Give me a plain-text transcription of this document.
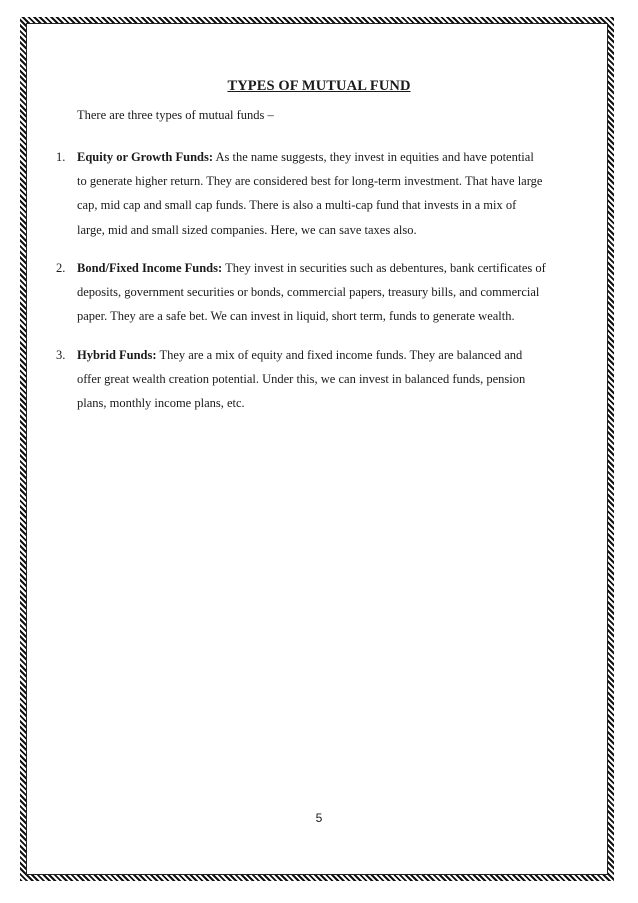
TYPES OF MUTUAL FUND
There are three types of mutual funds –
1. Equity or Growth Funds: As the name suggests, they invest in equities and have potential
to generate higher return. They are considered best for long-term investment. That have large
cap, mid cap and small cap funds. There is also a multi-cap fund that invests in a mix of
large, mid and small sized companies. Here, we can save taxes also.
2. Bond/Fixed Income Funds: They invest in securities such as debentures, bank certificates of
deposits, government securities or bonds, commercial papers, treasury bills, and commercial
paper. They are a safe bet. We can invest in liquid, short term, funds to generate wealth.
3. Hybrid Funds: They are a mix of equity and fixed income funds. They are balanced and
offer great wealth creation potential. Under this, we can invest in balanced funds, pension
plans, monthly income plans, etc.
5
